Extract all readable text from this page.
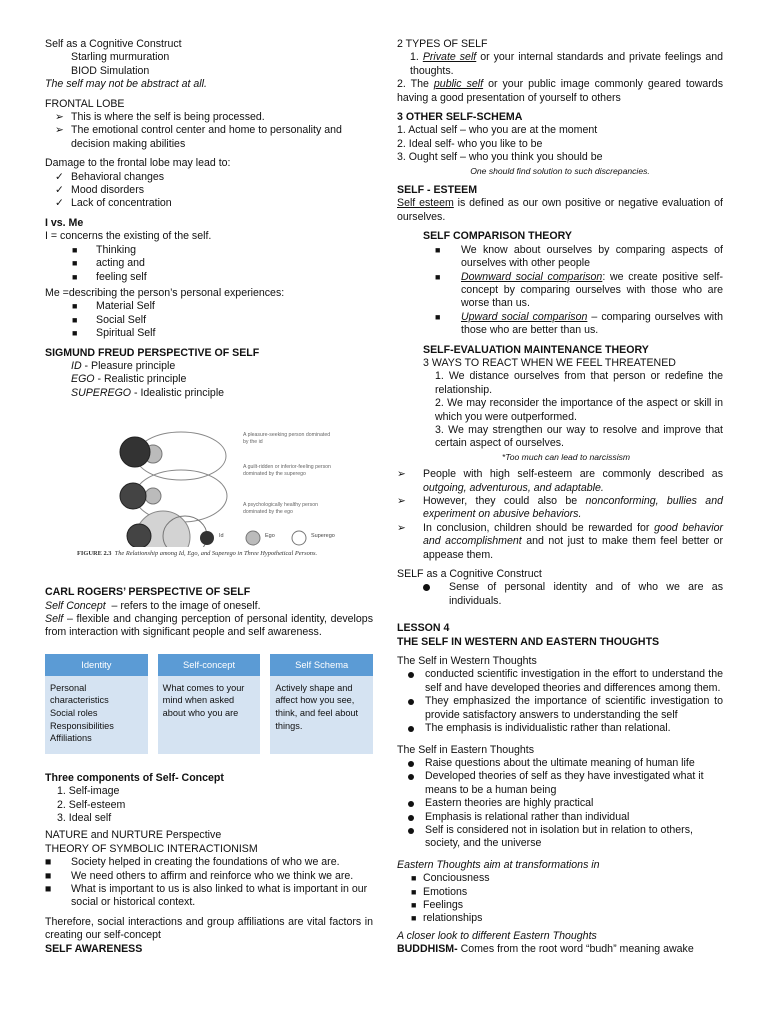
Self as a Cognitive Construct

Starling murmuration

BIOD Simulation

The self may not be abstract at all.

FRONTAL LOBE

➢ This is where the self is being processed.
➢ The emotional control center and home to personality and decision making abilities

Damage to the frontal lobe may lead to:

✓ Behavioral changes
✓ Mood disorders
✓ Lack of concentration

I vs. Me

I = concerns the existing of the self.

■ Thinking
■ acting and
■ feeling self

Me =describing the person’s personal experiences:

■ Material Self
■ Social Self
■ Spiritual Self

SIGMUND FREUD PERSPECTIVE OF SELF

ID - Pleasure principle

EGO - Realistic principle

SUPEREGO - Idealistic principle

A pleasure-seeking person dominated by the id
A guilt-ridden or inferior-feeling person dominated by the superego
A psychologically healthy person dominated by the ego
Id	Ego	Superego
FIGURE 2.3 The Relationship among Id, Ego, and Superego in Three Hypothetical Persons.

CARL ROGERS’ PERSPECTIVE OF SELF

Self Concept – refers to the image of oneself.

Self – flexible and changing perception of personal identity, develops from interaction with significant people and self awareness.

Identity
Personal characteristics
Social roles
Responsibilities
Affiliations
Self-concept
What comes to your mind when asked about who you are
Self Schema
Actively shape and affect how you see, think, and feel about things.

Three components of Self- Concept

1. Self-image

2. Self-esteem

3. Ideal self

NATURE and NURTURE Perspective

THEORY OF SYMBOLIC INTERACTIONISM

■ Society helped in creating the foundations of who we are.
■ We need others to affirm and reinforce who we think we are.
■ What is important to us is also linked to what is important in our social or historical context.

Therefore, social interactions and group affiliations are vital factors in creating our self-concept

SELF AWARENESS

2 TYPES OF SELF

1. Private self or your internal standards and private feelings and thoughts.

2. The public self or your public image commonly geared towards having a good presentation of yourself to others

3 OTHER SELF-SCHEMA

1. Actual self – who you are at the moment

2. Ideal self- who you like to be

3. Ought self – who you think you should be

One should find solution to such discrepancies.

SELF - ESTEEM

Self esteem is defined as our own positive or negative evaluation of ourselves.

SELF COMPARISON THEORY

■ We know about ourselves by comparing aspects of ourselves with other people
■ Downward social comparison: we create positive self-concept by comparing ourselves with those who are worse than us.
■ Upward social comparison – comparing ourselves with those who are better than us.

SELF-EVALUATION MAINTENANCE THEORY

3 WAYS TO REACT WHEN WE FEEL THREATENED

1. We distance ourselves from that person or redefine the relationship.

2. We may reconsider the importance of the aspect or skill in which you were outperformed.

3. We may strengthen our way to resolve and improve that certain aspect of ourselves.

*Too much can lead to narcissism

➢ People with high self-esteem are commonly described as outgoing, adventurous, and adaptable.
➢ However, they could also be nonconforming, bullies and experiment on abusive behaviors.
➢ In conclusion, children should be rewarded for good behavior and accomplishment and not just to make them feel better or appease them.

SELF as a Cognitive Construct

Sense of personal identity and of who we are as individuals.

LESSON 4

THE SELF IN WESTERN AND EASTERN THOUGHTS

The Self in Western Thoughts

conducted scientific investigation in the effort to understand the self and have developed theories and differences among them.
They emphasized the importance of scientific investigation to provide satisfactory answers to understanding the self
The emphasis is individualistic rather than relational.

The Self in Eastern Thoughts

Raise questions about the ultimate meaning of human life
Developed theories of self as they have investigated what it means to be a human being
Eastern theories are highly practical
Emphasis is relational rather than individual
Self is considered not in isolation but in relation to others, society, and the universe

Eastern Thoughts aim at transformations in

■ Conciousness
■ Emotions
■ Feelings
■ relationships

A closer look to different Eastern Thoughts

BUDDHISM- Comes from the root word “budh” meaning awake
